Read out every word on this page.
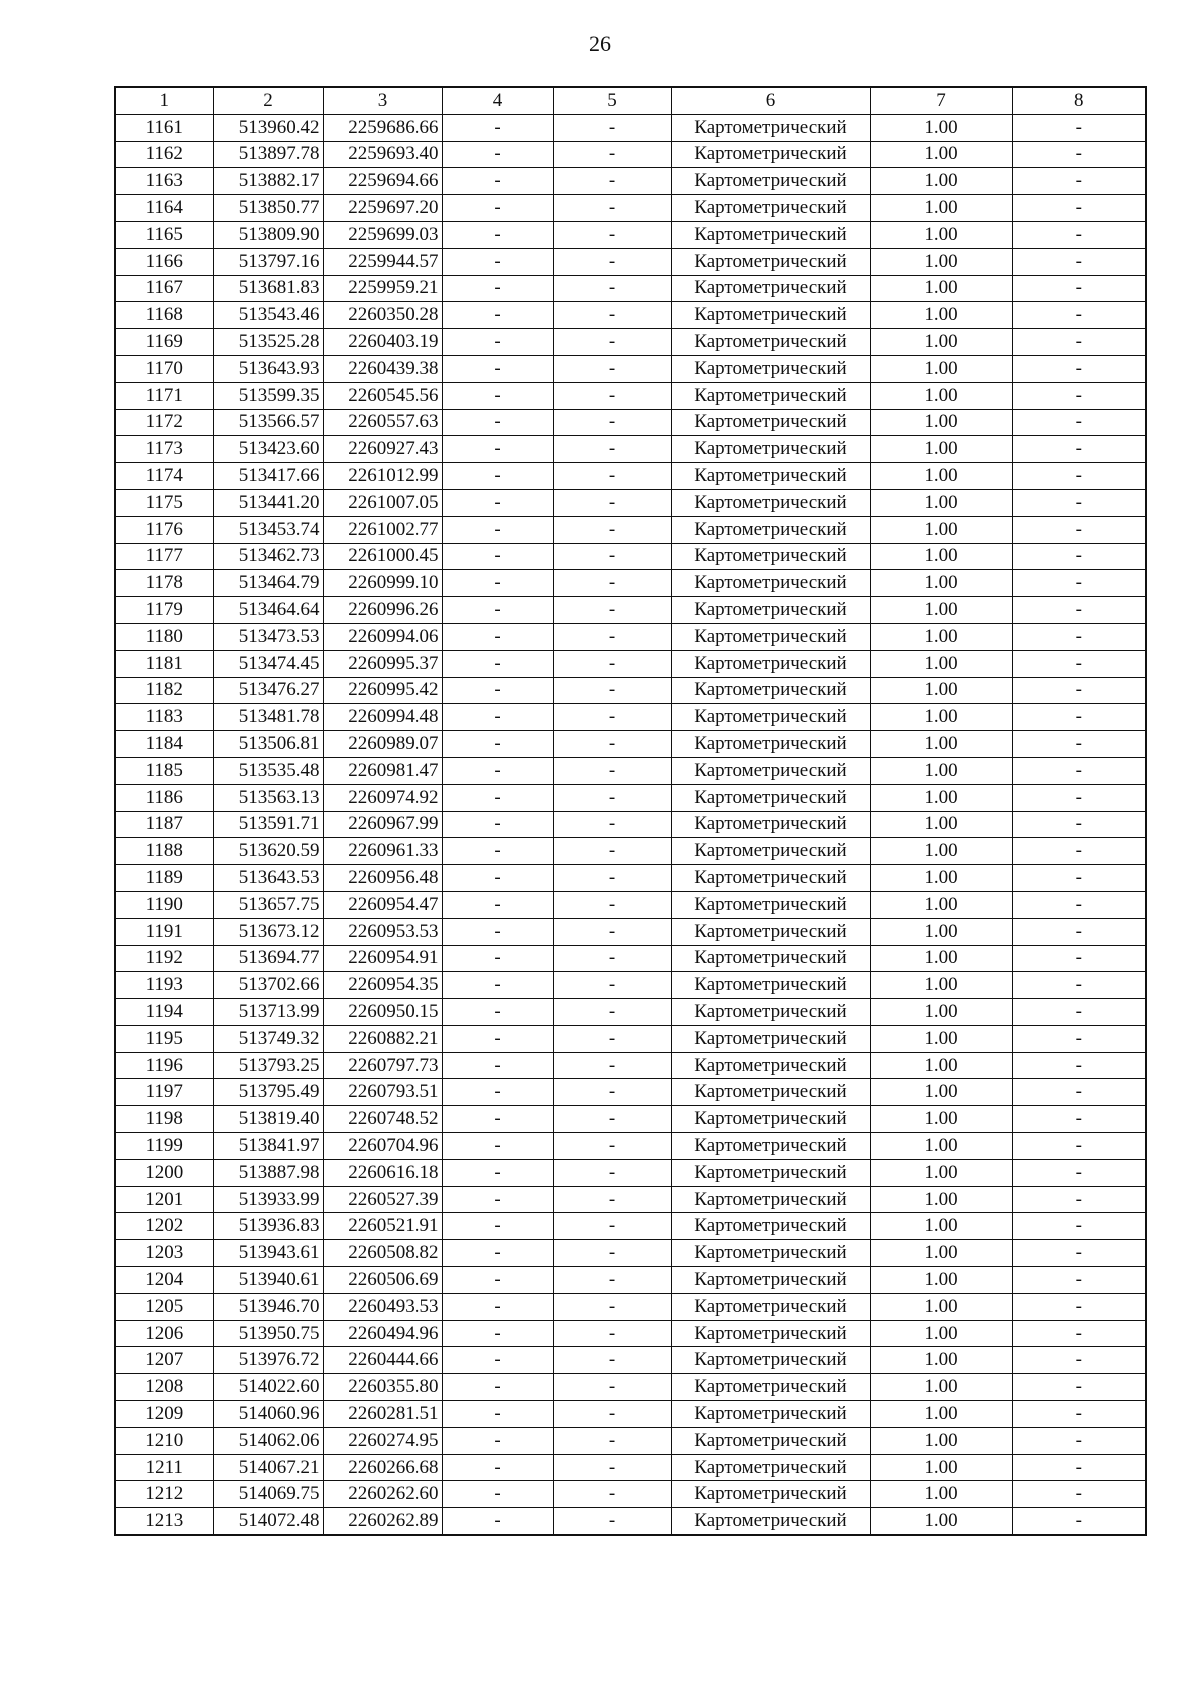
26
1	2	3	4	5	6	7	8
1161	513960.42	2259686.66	-	-	Картометрический	1.00	-
1162	513897.78	2259693.40	-	-	Картометрический	1.00	-
1163	513882.17	2259694.66	-	-	Картометрический	1.00	-
1164	513850.77	2259697.20	-	-	Картометрический	1.00	-
1165	513809.90	2259699.03	-	-	Картометрический	1.00	-
1166	513797.16	2259944.57	-	-	Картометрический	1.00	-
1167	513681.83	2259959.21	-	-	Картометрический	1.00	-
1168	513543.46	2260350.28	-	-	Картометрический	1.00	-
1169	513525.28	2260403.19	-	-	Картометрический	1.00	-
1170	513643.93	2260439.38	-	-	Картометрический	1.00	-
1171	513599.35	2260545.56	-	-	Картометрический	1.00	-
1172	513566.57	2260557.63	-	-	Картометрический	1.00	-
1173	513423.60	2260927.43	-	-	Картометрический	1.00	-
1174	513417.66	2261012.99	-	-	Картометрический	1.00	-
1175	513441.20	2261007.05	-	-	Картометрический	1.00	-
1176	513453.74	2261002.77	-	-	Картометрический	1.00	-
1177	513462.73	2261000.45	-	-	Картометрический	1.00	-
1178	513464.79	2260999.10	-	-	Картометрический	1.00	-
1179	513464.64	2260996.26	-	-	Картометрический	1.00	-
1180	513473.53	2260994.06	-	-	Картометрический	1.00	-
1181	513474.45	2260995.37	-	-	Картометрический	1.00	-
1182	513476.27	2260995.42	-	-	Картометрический	1.00	-
1183	513481.78	2260994.48	-	-	Картометрический	1.00	-
1184	513506.81	2260989.07	-	-	Картометрический	1.00	-
1185	513535.48	2260981.47	-	-	Картометрический	1.00	-
1186	513563.13	2260974.92	-	-	Картометрический	1.00	-
1187	513591.71	2260967.99	-	-	Картометрический	1.00	-
1188	513620.59	2260961.33	-	-	Картометрический	1.00	-
1189	513643.53	2260956.48	-	-	Картометрический	1.00	-
1190	513657.75	2260954.47	-	-	Картометрический	1.00	-
1191	513673.12	2260953.53	-	-	Картометрический	1.00	-
1192	513694.77	2260954.91	-	-	Картометрический	1.00	-
1193	513702.66	2260954.35	-	-	Картометрический	1.00	-
1194	513713.99	2260950.15	-	-	Картометрический	1.00	-
1195	513749.32	2260882.21	-	-	Картометрический	1.00	-
1196	513793.25	2260797.73	-	-	Картометрический	1.00	-
1197	513795.49	2260793.51	-	-	Картометрический	1.00	-
1198	513819.40	2260748.52	-	-	Картометрический	1.00	-
1199	513841.97	2260704.96	-	-	Картометрический	1.00	-
1200	513887.98	2260616.18	-	-	Картометрический	1.00	-
1201	513933.99	2260527.39	-	-	Картометрический	1.00	-
1202	513936.83	2260521.91	-	-	Картометрический	1.00	-
1203	513943.61	2260508.82	-	-	Картометрический	1.00	-
1204	513940.61	2260506.69	-	-	Картометрический	1.00	-
1205	513946.70	2260493.53	-	-	Картометрический	1.00	-
1206	513950.75	2260494.96	-	-	Картометрический	1.00	-
1207	513976.72	2260444.66	-	-	Картометрический	1.00	-
1208	514022.60	2260355.80	-	-	Картометрический	1.00	-
1209	514060.96	2260281.51	-	-	Картометрический	1.00	-
1210	514062.06	2260274.95	-	-	Картометрический	1.00	-
1211	514067.21	2260266.68	-	-	Картометрический	1.00	-
1212	514069.75	2260262.60	-	-	Картометрический	1.00	-
1213	514072.48	2260262.89	-	-	Картометрический	1.00	-
